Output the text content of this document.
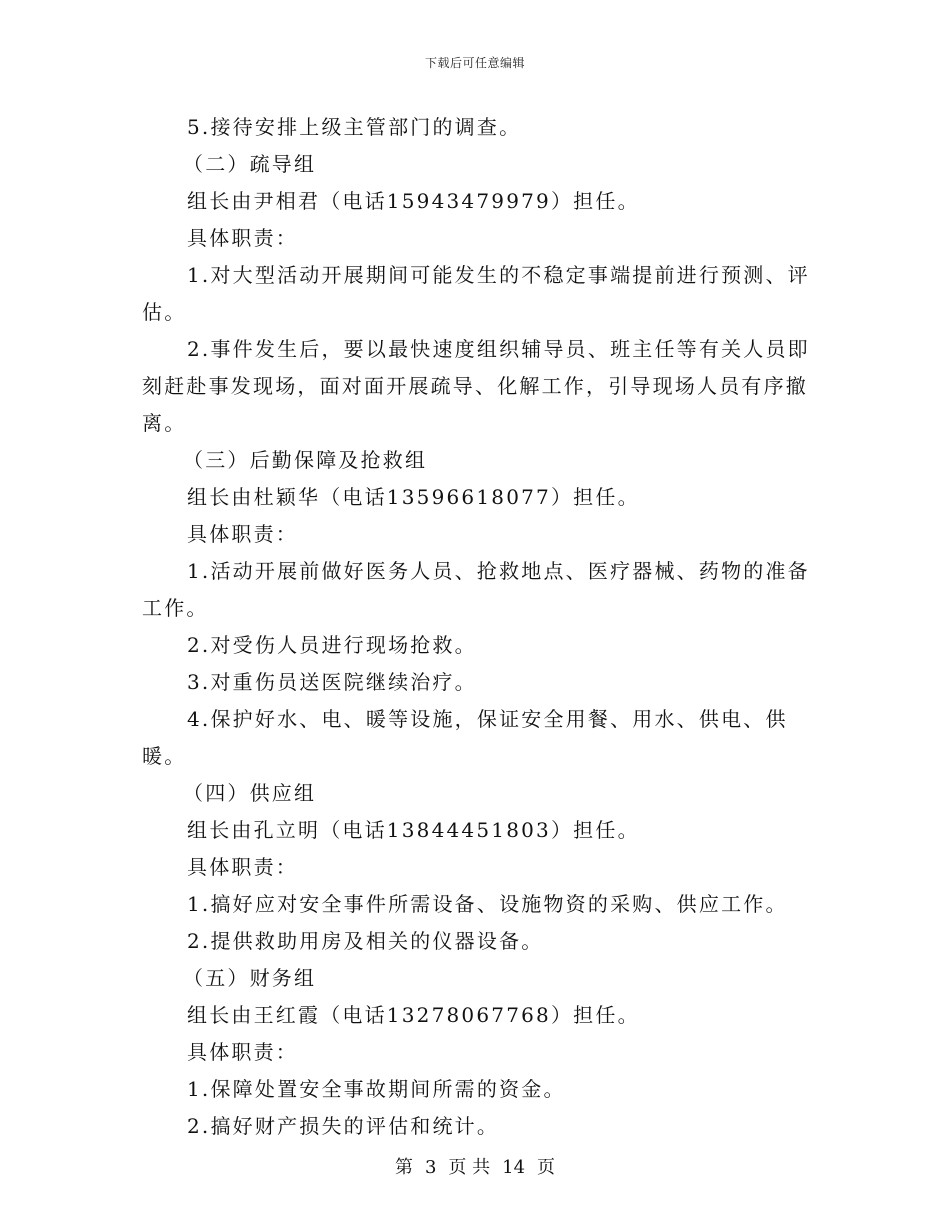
下载后可任意编辑

5.接待安排上级主管部门的调查。

（二）疏导组

组长由尹相君（电话15943479979）担任。

具体职责：

1.对大型活动开展期间可能发生的不稳定事端提前进行预测、评估。

2.事件发生后，要以最快速度组织辅导员、班主任等有关人员即刻赶赴事发现场，面对面开展疏导、化解工作，引导现场人员有序撤离。

（三）后勤保障及抢救组

组长由杜颖华（电话13596618077）担任。

具体职责：

1.活动开展前做好医务人员、抢救地点、医疗器械、药物的准备工作。

2.对受伤人员进行现场抢救。

3.对重伤员送医院继续治疗。

4.保护好水、电、暖等设施，保证安全用餐、用水、供电、供暖。

（四）供应组

组长由孔立明（电话13844451803）担任。

具体职责：

1.搞好应对安全事件所需设备、设施物资的采购、供应工作。

2.提供救助用房及相关的仪器设备。

（五）财务组

组长由王红霞（电话13278067768）担任。

具体职责：

1.保障处置安全事故期间所需的资金。

2.搞好财产损失的评估和统计。

第 3 页 共 14 页
